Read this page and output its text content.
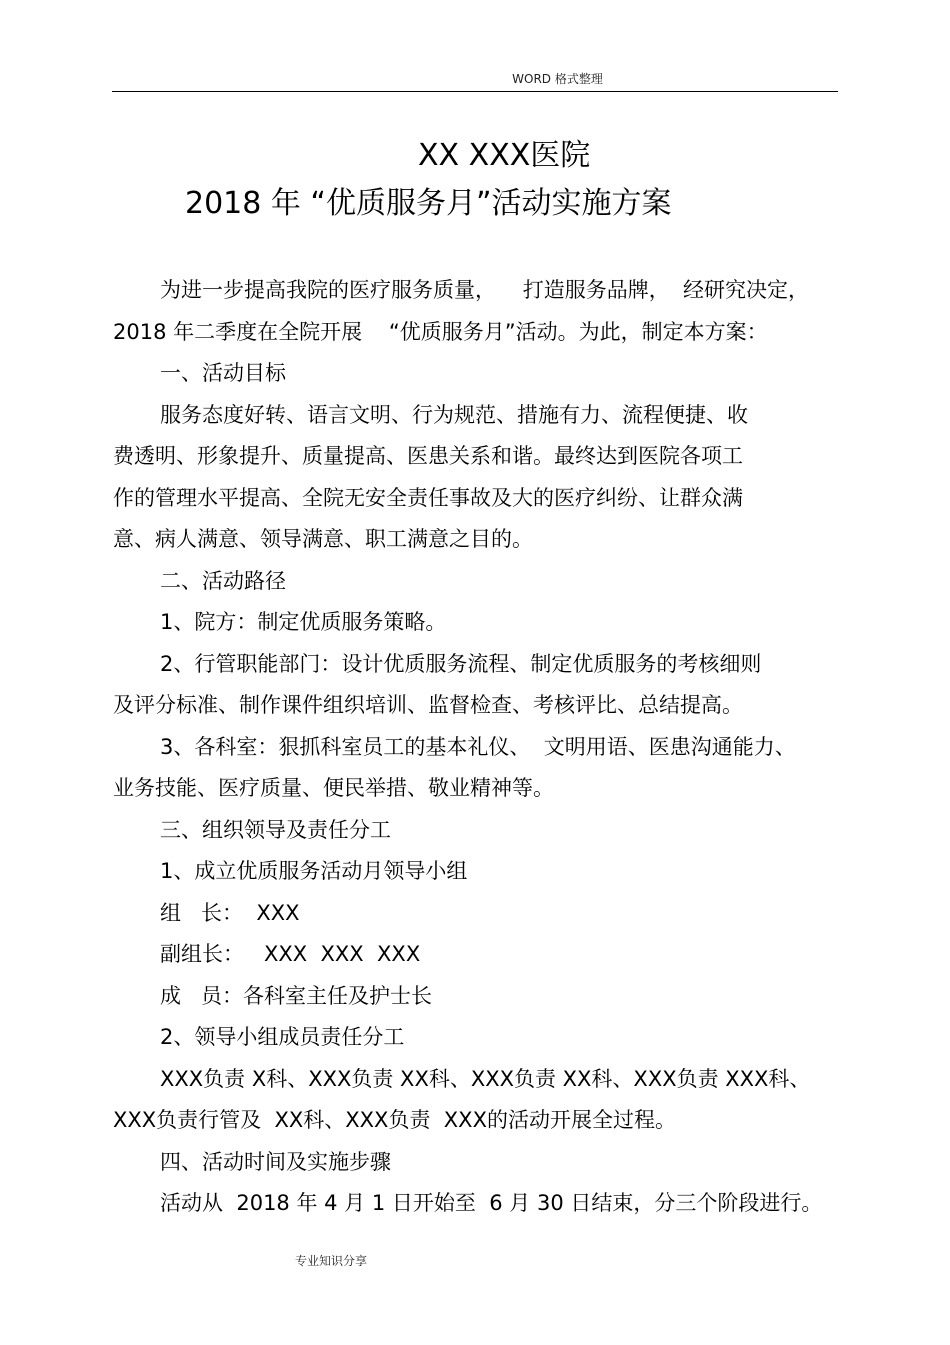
WORD 格式整理
XX XXX医院
2018 年 “优质服务月”活动实施方案
为进一步提高我院的医疗服务质量，    打造服务品牌，  经研究决定，
2018 年二季度在全院开展    “优质服务月”活动。为此，制定本方案：
一、活动目标
服务态度好转、语言文明、行为规范、措施有力、流程便捷、收
费透明、形象提升、质量提高、医患关系和谐。最终达到医院各项工
作的管理水平提高、全院无安全责任事故及大的医疗纠纷、让群众满
意、病人满意、领导满意、职工满意之目的。
二、活动路径
1、院方：制定优质服务策略。
2、行管职能部门：设计优质服务流程、制定优质服务的考核细则
及评分标准、制作课件组织培训、监督检查、考核评比、总结提高。
3、各科室：狠抓科室员工的基本礼仪、  文明用语、医患沟通能力、
业务技能、医疗质量、便民举措、敬业精神等。
三、组织领导及责任分工
1、成立优质服务活动月领导小组
组   长：  XXX
副组长：   XXX  XXX  XXX
成   员：各科室主任及护士长
2、领导小组成员责任分工
XXX负责 X科、XXX负责 XX科、XXX负责 XX科、XXX负责 XXX科、
XXX负责行管及  XX科、XXX负责  XXX的活动开展全过程。
四、活动时间及实施步骤
活动从  2018 年 4 月 1 日开始至  6 月 30 日结束，分三个阶段进行。
专业知识分享
